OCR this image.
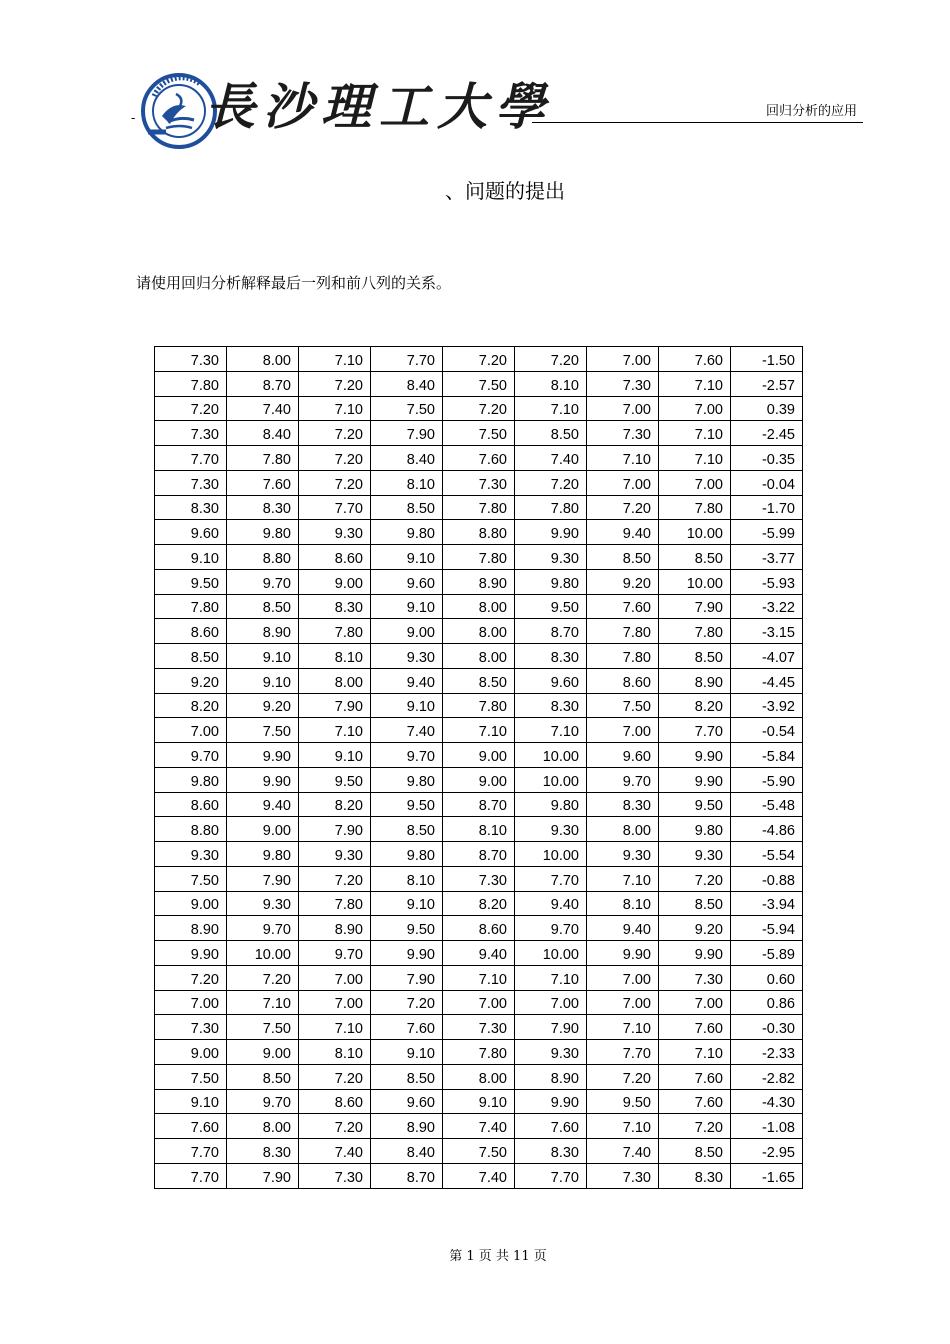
- 長沙理工大學	回归分析的应用
、问题的提出
请使用回归分析解释最后一列和前八列的关系。
7.30	8.00	7.10	7.70	7.20	7.20	7.00	7.60	-1.50
7.80	8.70	7.20	8.40	7.50	8.10	7.30	7.10	-2.57
7.20	7.40	7.10	7.50	7.20	7.10	7.00	7.00	0.39
7.30	8.40	7.20	7.90	7.50	8.50	7.30	7.10	-2.45
7.70	7.80	7.20	8.40	7.60	7.40	7.10	7.10	-0.35
7.30	7.60	7.20	8.10	7.30	7.20	7.00	7.00	-0.04
8.30	8.30	7.70	8.50	7.80	7.80	7.20	7.80	-1.70
9.60	9.80	9.30	9.80	8.80	9.90	9.40	10.00	-5.99
9.10	8.80	8.60	9.10	7.80	9.30	8.50	8.50	-3.77
9.50	9.70	9.00	9.60	8.90	9.80	9.20	10.00	-5.93
7.80	8.50	8.30	9.10	8.00	9.50	7.60	7.90	-3.22
8.60	8.90	7.80	9.00	8.00	8.70	7.80	7.80	-3.15
8.50	9.10	8.10	9.30	8.00	8.30	7.80	8.50	-4.07
9.20	9.10	8.00	9.40	8.50	9.60	8.60	8.90	-4.45
8.20	9.20	7.90	9.10	7.80	8.30	7.50	8.20	-3.92
7.00	7.50	7.10	7.40	7.10	7.10	7.00	7.70	-0.54
9.70	9.90	9.10	9.70	9.00	10.00	9.60	9.90	-5.84
9.80	9.90	9.50	9.80	9.00	10.00	9.70	9.90	-5.90
8.60	9.40	8.20	9.50	8.70	9.80	8.30	9.50	-5.48
8.80	9.00	7.90	8.50	8.10	9.30	8.00	9.80	-4.86
9.30	9.80	9.30	9.80	8.70	10.00	9.30	9.30	-5.54
7.50	7.90	7.20	8.10	7.30	7.70	7.10	7.20	-0.88
9.00	9.30	7.80	9.10	8.20	9.40	8.10	8.50	-3.94
8.90	9.70	8.90	9.50	8.60	9.70	9.40	9.20	-5.94
9.90	10.00	9.70	9.90	9.40	10.00	9.90	9.90	-5.89
7.20	7.20	7.00	7.90	7.10	7.10	7.00	7.30	0.60
7.00	7.10	7.00	7.20	7.00	7.00	7.00	7.00	0.86
7.30	7.50	7.10	7.60	7.30	7.90	7.10	7.60	-0.30
9.00	9.00	8.10	9.10	7.80	9.30	7.70	7.10	-2.33
7.50	8.50	7.20	8.50	8.00	8.90	7.20	7.60	-2.82
9.10	9.70	8.60	9.60	9.10	9.90	9.50	7.60	-4.30
7.60	8.00	7.20	8.90	7.40	7.60	7.10	7.20	-1.08
7.70	8.30	7.40	8.40	7.50	8.30	7.40	8.50	-2.95
7.70	7.90	7.30	8.70	7.40	7.70	7.30	8.30	-1.65
第 1 页 共 11 页
